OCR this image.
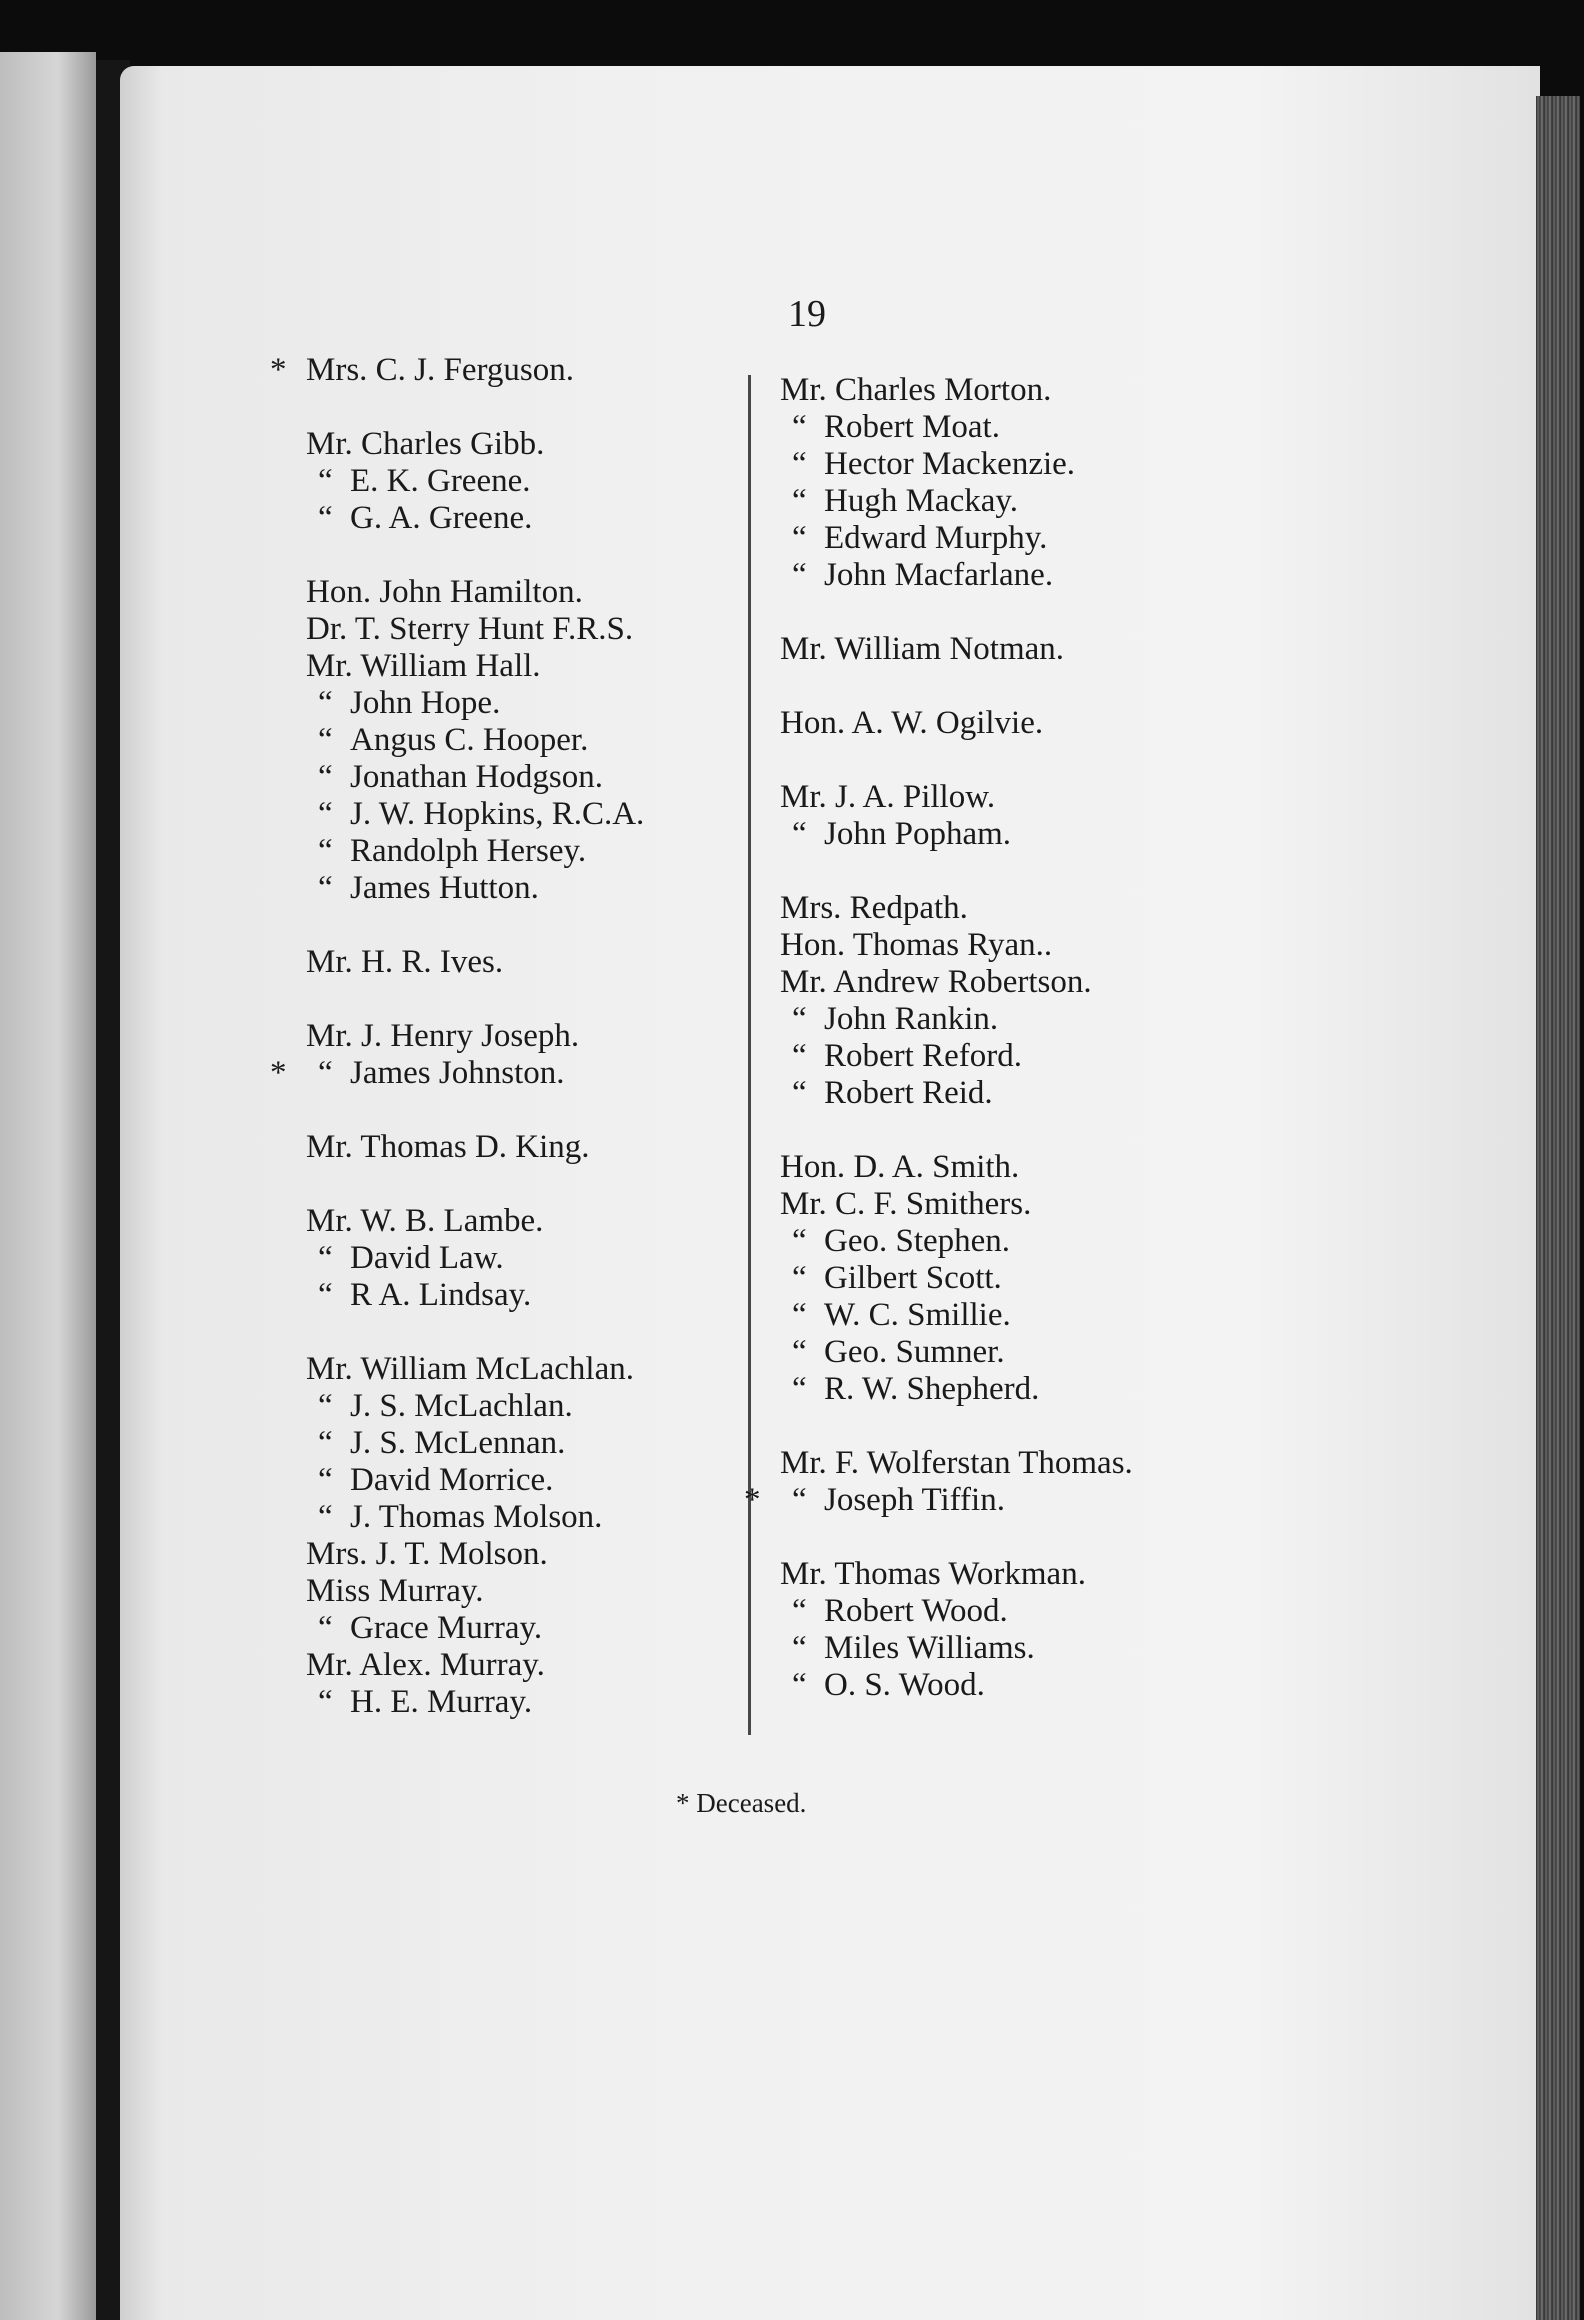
19
* Mrs. C. J. Ferguson.
Mr. Charles Gibb.
“ E. K. Greene.
“ G. A. Greene.
Hon. John Hamilton.
Dr. T. Sterry Hunt F.R.S.
Mr. William Hall.
“ John Hope.
“ Angus C. Hooper.
“ Jonathan Hodgson.
“ J. W. Hopkins, R.C.A.
“ Randolph Hersey.
“ James Hutton.
Mr. H. R. Ives.
Mr. J. Henry Joseph.
* “ James Johnston.
Mr. Thomas D. King.
Mr. W. B. Lambe.
“ David Law.
“ R A. Lindsay.
Mr. William McLachlan.
“ J. S. McLachlan.
“ J. S. McLennan.
“ David Morrice.
“ J. Thomas Molson.
Mrs. J. T. Molson.
Miss Murray.
“ Grace Murray.
Mr. Alex. Murray.
“ H. E. Murray.
Mr. Charles Morton.
“ Robert Moat.
“ Hector Mackenzie.
“ Hugh Mackay.
“ Edward Murphy.
“ John Macfarlane.
Mr. William Notman.
Hon. A. W. Ogilvie.
Mr. J. A. Pillow.
“ John Popham.
Mrs. Redpath.
Hon. Thomas Ryan..
Mr. Andrew Robertson.
“ John Rankin.
“ Robert Reford.
“ Robert Reid.
Hon. D. A. Smith.
Mr. C. F. Smithers.
“ Geo. Stephen.
“ Gilbert Scott.
“ W. C. Smillie.
“ Geo. Sumner.
“ R. W. Shepherd.
Mr. F. Wolferstan Thomas.
* “ Joseph Tiffin.
Mr. Thomas Workman.
“ Robert Wood.
“ Miles Williams.
“ O. S. Wood.
* Deceased.
